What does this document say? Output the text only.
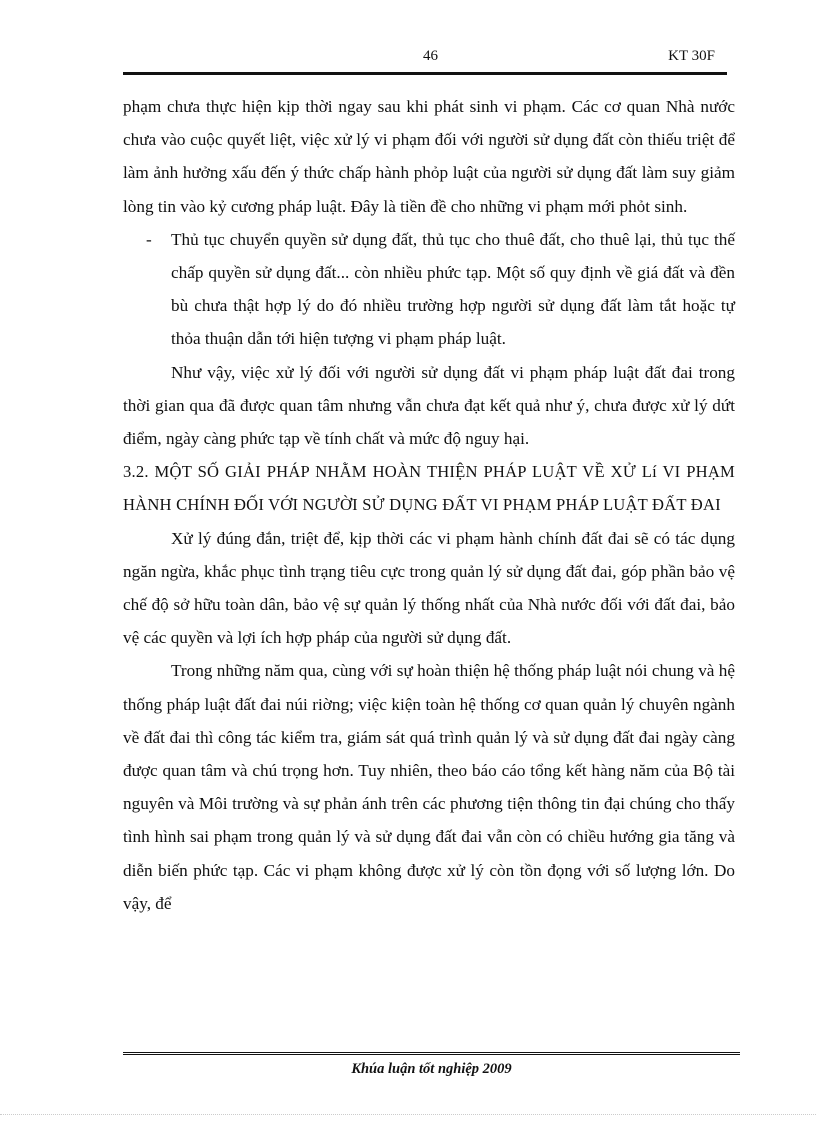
46	KT 30F

phạm chưa thực hiện kịp thời ngay sau khi phát sinh vi phạm. Các cơ quan Nhà nước chưa vào cuộc quyết liệt, việc xử lý vi phạm đối với người sử dụng đất còn thiếu triệt để làm ảnh hưởng xấu đến ý thức chấp hành phỏp luật của người sử dụng đất làm suy giảm lòng tin vào kỷ cương pháp luật. Đây là tiền đề cho những vi phạm mới phỏt sinh.

-	Thủ tục chuyển quyền sử dụng đất, thủ tục cho thuê đất, cho thuê lại, thủ tục thế chấp quyền sử dụng đất... còn nhiều phức tạp. Một số quy định về giá đất và đền bù chưa thật hợp lý do đó nhiều trường hợp người sử dụng đất làm tắt hoặc tự thỏa thuận dẫn tới hiện tượng vi phạm pháp luật.

Như vậy, việc xử lý đối với người sử dụng đất vi phạm pháp luật đất đai trong thời gian qua đã được quan tâm nhưng vẫn chưa đạt kết quả như ý, chưa được xử lý dứt điểm, ngày càng phức tạp về tính chất và mức độ nguy hại.

3.2. MỘT SỐ GIẢI PHÁP NHẰM HOÀN THIỆN PHÁP LUẬT VỀ XỬ Lí VI PHẠM HÀNH CHÍNH ĐỐI VỚI NGƯỜI SỬ DỤNG ĐẤT VI PHẠM PHÁP LUẬT ĐẤT ĐAI

Xử lý đúng đắn, triệt để, kịp thời các vi phạm hành chính đất đai sẽ có tác dụng ngăn ngừa, khắc phục tình trạng tiêu cực trong quản lý sử dụng đất đai, góp phần bảo vệ chế độ sở hữu toàn dân, bảo vệ sự quản lý thống nhất của Nhà nước đối với đất đai, bảo vệ các quyền và lợi ích hợp pháp của người sử dụng đất.

Trong những năm qua, cùng với sự hoàn thiện hệ thống pháp luật nói chung và hệ thống pháp luật đất đai núi riờng; việc kiện toàn hệ thống cơ quan quản lý chuyên ngành về đất đai thì công tác kiểm tra, giám sát quá trình quản lý và sử dụng đất đai ngày càng được quan tâm và chú trọng hơn. Tuy nhiên, theo báo cáo tổng kết hàng năm của Bộ tài nguyên và Môi trường và sự phản ánh trên các phương tiện thông tin đại chúng cho thấy tình hình sai phạm trong quản lý và sử dụng đất đai vẫn còn có chiều hướng gia tăng và diễn biến phức tạp. Các vi phạm không được xử lý còn tồn đọng với số lượng lớn. Do vậy, để

Khúa luận tốt nghiệp 2009
